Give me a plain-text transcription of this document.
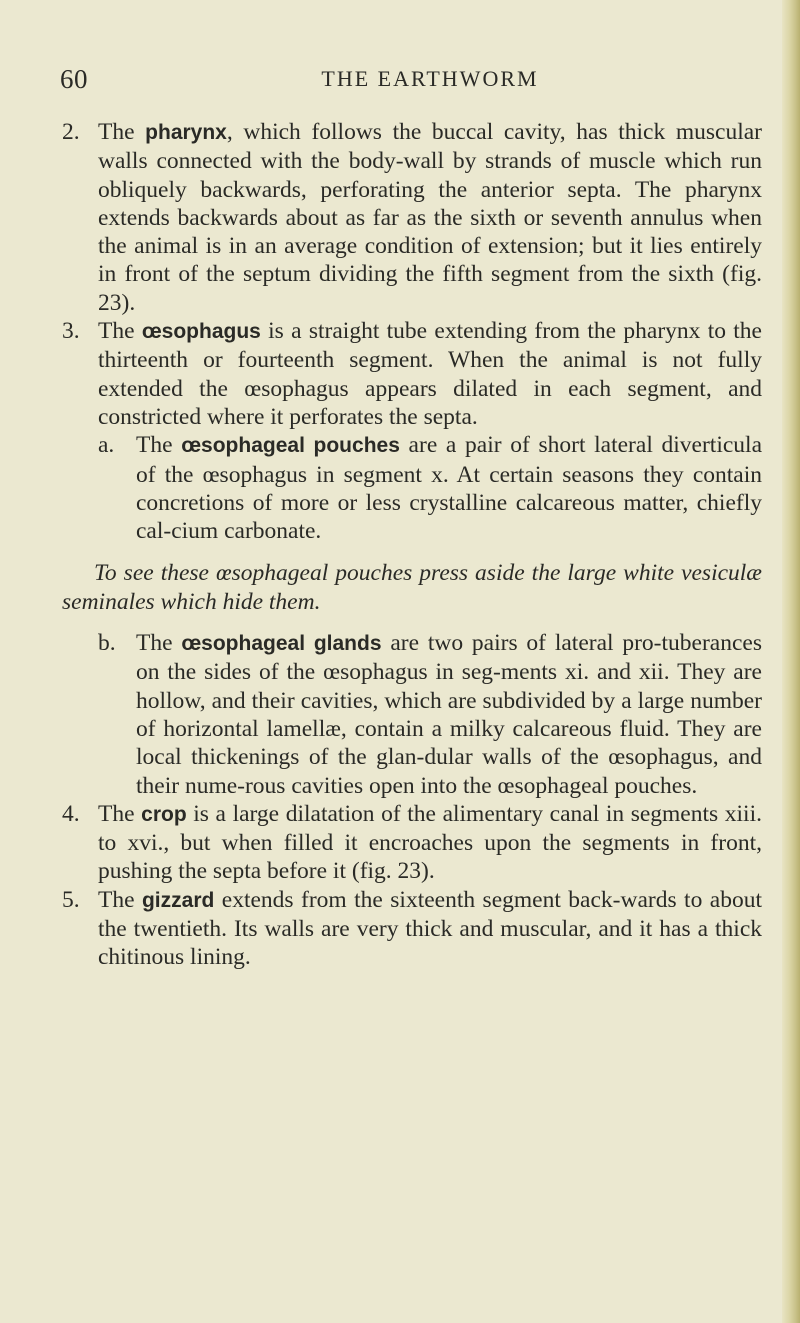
60	THE EARTHWORM

2. The pharynx, which follows the buccal cavity, has thick muscular walls connected with the body-wall by strands of muscle which run obliquely backwards, perforating the anterior septa. The pharynx extends backwards about as far as the sixth or seventh annulus when the animal is in an average condition of extension; but it lies entirely in front of the septum dividing the fifth segment from the sixth (fig. 23).

3. The œsophagus is a straight tube extending from the pharynx to the thirteenth or fourteenth segment. When the animal is not fully extended the œsophagus appears dilated in each segment, and constricted where it perforates the septa.

a. The œsophageal pouches are a pair of short lateral diverticula of the œsophagus in segment x. At certain seasons they contain concretions of more or less crystalline calcareous matter, chiefly cal-cium carbonate.

To see these œsophageal pouches press aside the large white vesiculæ seminales which hide them.

b. The œsophageal glands are two pairs of lateral pro-tuberances on the sides of the œsophagus in seg-ments xi. and xii. They are hollow, and their cavities, which are subdivided by a large number of horizontal lamellæ, contain a milky calcareous fluid. They are local thickenings of the glan-dular walls of the œsophagus, and their nume-rous cavities open into the œsophageal pouches.

4. The crop is a large dilatation of the alimentary canal in segments xiii. to xvi., but when filled it encroaches upon the segments in front, pushing the septa before it (fig. 23).

5. The gizzard extends from the sixteenth segment back-wards to about the twentieth. Its walls are very thick and muscular, and it has a thick chitinous lining.
